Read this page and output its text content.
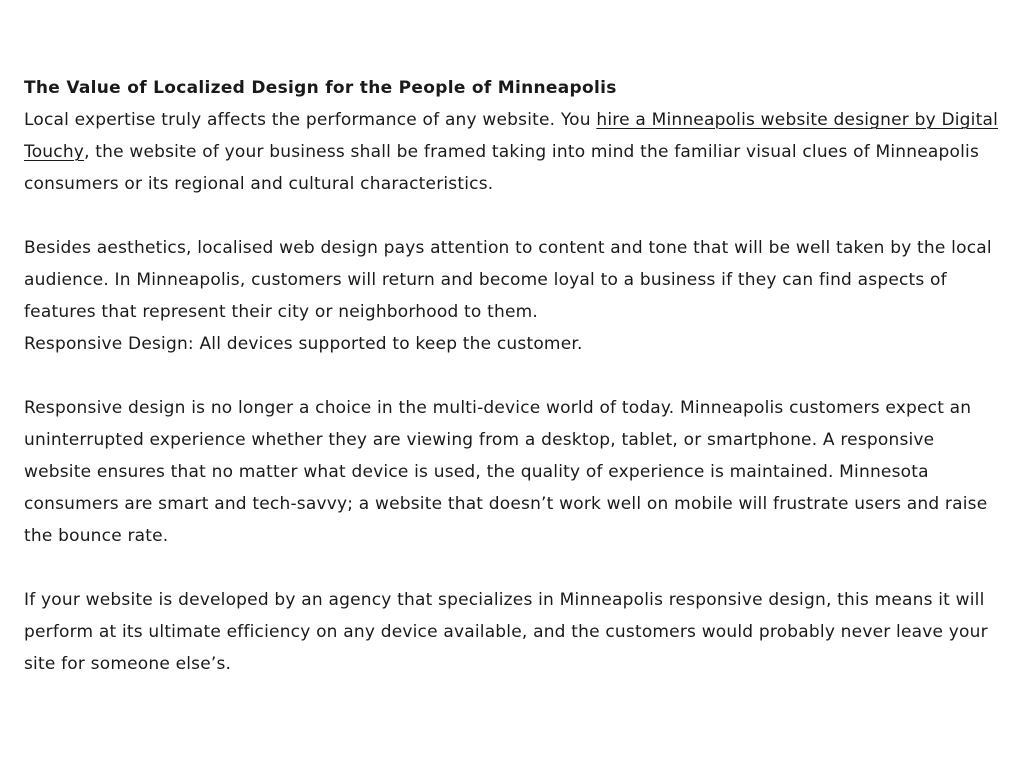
The Value of Localized Design for the People of Minneapolis

Local expertise truly affects the performance of any website. You hire a Minneapolis website designer by Digital Touchy, the website of your business shall be framed taking into mind the familiar visual clues of Minneapolis consumers or its regional and cultural characteristics.

Besides aesthetics, localised web design pays attention to content and tone that will be well taken by the local audience. In Minneapolis, customers will return and become loyal to a business if they can find aspects of features that represent their city or neighborhood to them.

Responsive Design: All devices supported to keep the customer.

Responsive design is no longer a choice in the multi-device world of today. Minneapolis customers expect an uninterrupted experience whether they are viewing from a desktop, tablet, or smartphone. A responsive website ensures that no matter what device is used, the quality of experience is maintained. Minnesota consumers are smart and tech-savvy; a website that doesn’t work well on mobile will frustrate users and raise the bounce rate.

If your website is developed by an agency that specializes in Minneapolis responsive design, this means it will perform at its ultimate efficiency on any device available, and the customers would probably never leave your site for someone else’s.
